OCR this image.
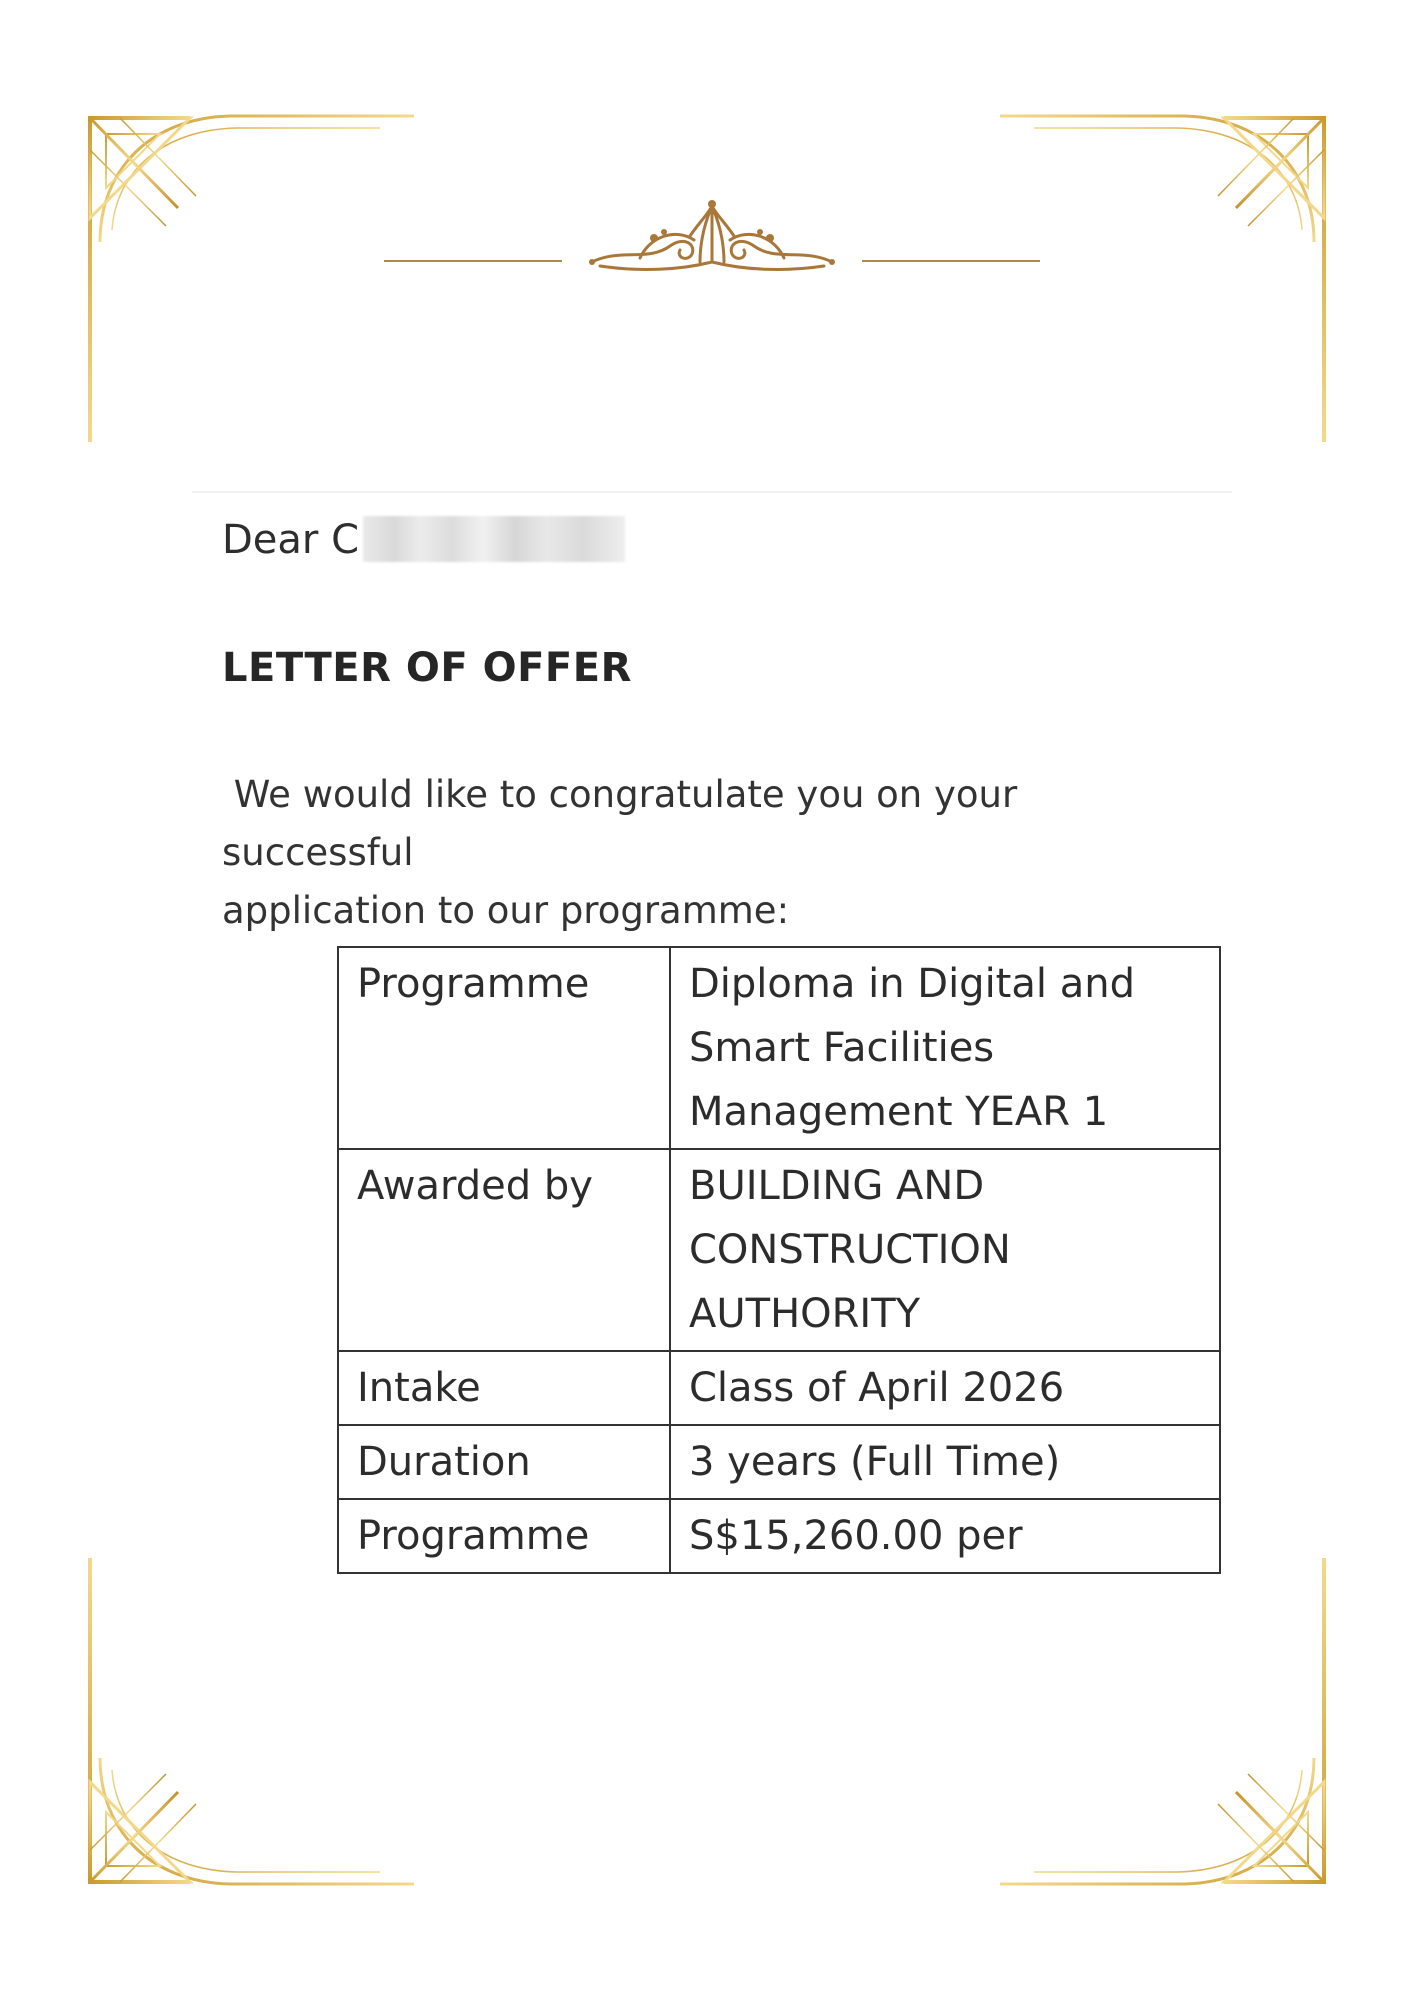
Dear C
LETTER OF OFFER
We would like to congratulate you on your successful
application to our programme:
Programme	Diploma in Digital and
Smart Facilities
Management YEAR 1
Awarded by	BUILDING AND
CONSTRUCTION
AUTHORITY
Intake	Class of April 2026
Duration	3 years (Full Time)
Programme	S$15,260.00 per
